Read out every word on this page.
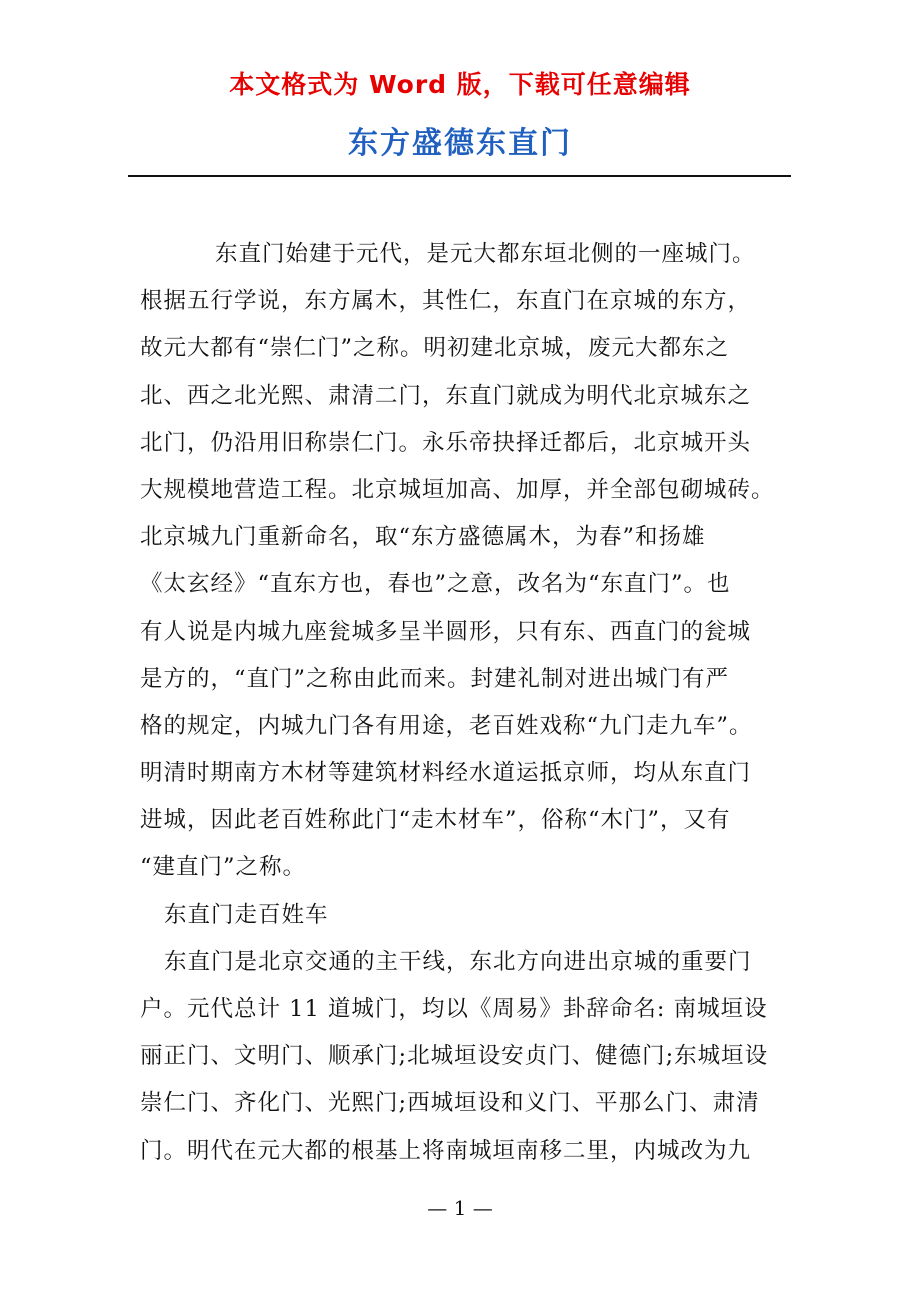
本文格式为 Word 版，下载可任意编辑
东方盛德东直门
东直门始建于元代，是元大都东垣北侧的一座城门。
根据五行学说，东方属木，其性仁，东直门在京城的东方，
故元大都有“崇仁门”之称。明初建北京城，废元大都东之
北、西之北光熙、肃清二门，东直门就成为明代北京城东之
北门，仍沿用旧称崇仁门。永乐帝抉择迁都后，北京城开头
大规模地营造工程。北京城垣加高、加厚，并全部包砌城砖。
北京城九门重新命名，取“东方盛德属木，为春”和扬雄
《太玄经》“直东方也，春也”之意，改名为“东直门”。也
有人说是内城九座瓮城多呈半圆形，只有东、西直门的瓮城
是方的，“直门”之称由此而来。封建礼制对进出城门有严
格的规定，内城九门各有用途，老百姓戏称“九门走九车”。
明清时期南方木材等建筑材料经水道运抵京师，均从东直门
进城，因此老百姓称此门“走木材车”，俗称“木门”，又有
“建直门”之称。
东直门走百姓车
东直门是北京交通的主干线，东北方向进出京城的重要门
户。元代总计 11 道城门，均以《周易》卦辞命名: 南城垣设
丽正门、文明门、顺承门;北城垣设安贞门、健德门;东城垣设
崇仁门、齐化门、光熙门;西城垣设和义门、平那么门、肃清
门。明代在元大都的根基上将南城垣南移二里，内城改为九
— 1 —
